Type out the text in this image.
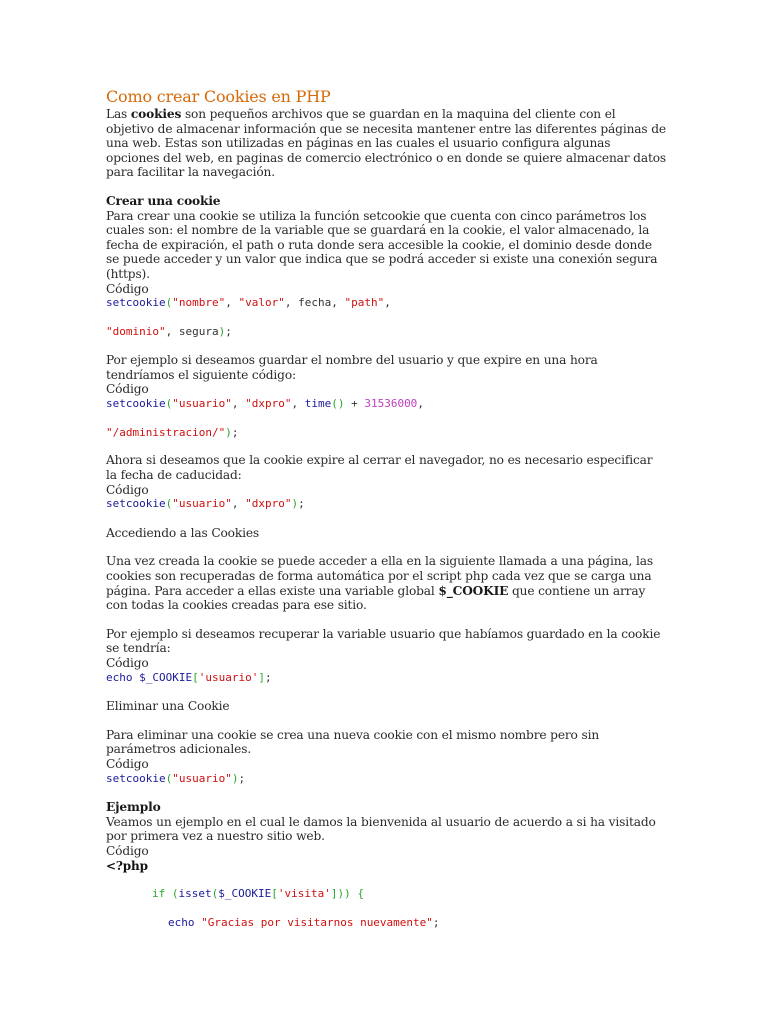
Como crear Cookies en PHP

Las cookies son pequeños archivos que se guardan en la maquina del cliente con el objetivo de almacenar información que se necesita mantener entre las diferentes páginas de una web. Estas son utilizadas en páginas en las cuales el usuario configura algunas opciones del web, en paginas de comercio electrónico o en donde se quiere almacenar datos para facilitar la navegación.

Crear una cookie

Para crear una cookie se utiliza la función setcookie que cuenta con cinco parámetros los cuales son: el nombre de la variable que se guardará en la cookie, el valor almacenado, la fecha de expiración, el path o ruta donde sera accesible la cookie, el dominio desde donde se puede acceder y un valor que indica que se podrá acceder si existe una conexión segura (https).

Código
setcookie("nombre", "valor", fecha, "path",

"dominio", segura);

Por ejemplo si deseamos guardar el nombre del usuario y que expire en una hora tendríamos el siguiente código:

Código
setcookie("usuario", "dxpro", time() + 31536000,

"/administracion/");

Ahora si deseamos que la cookie expire al cerrar el navegador, no es necesario especificar la fecha de caducidad:

Código
setcookie("usuario", "dxpro");
Accediendo a las Cookies

Una vez creada la cookie se puede acceder a ella en la siguiente llamada a una página, las cookies son recuperadas de forma automática por el script php cada vez que se carga una página. Para acceder a ellas existe una variable global $_COOKIE que contiene un array con todas la cookies creadas para ese sitio.

Por ejemplo si deseamos recuperar la variable usuario que habíamos guardado en la cookie se tendría:

Código
echo $_COOKIE['usuario'];
Eliminar una Cookie

Para eliminar una cookie se crea una nueva cookie con el mismo nombre pero sin parámetros adicionales.

Código
setcookie("usuario");
Ejemplo

Veamos un ejemplo en el cual le damos la bienvenida al usuario de acuerdo a si ha visitado por primera vez a nuestro sitio web.

Código
<?php
if (isset($_COOKIE['visita'])) {
echo "Gracias por visitarnos nuevamente";
